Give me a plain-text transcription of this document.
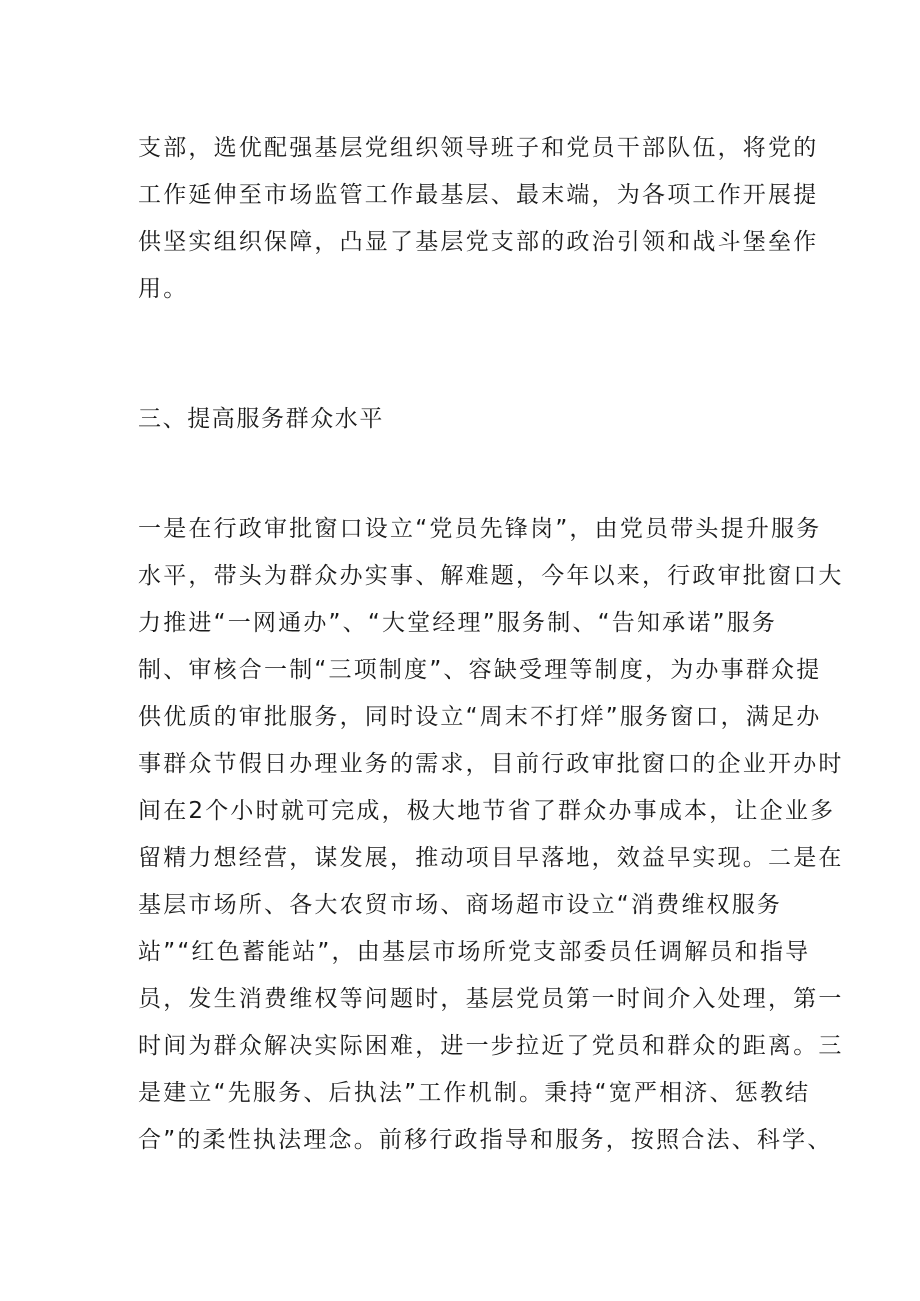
支部，选优配强基层党组织领导班子和党员干部队伍，将党的
工作延伸至市场监管工作最基层、最末端，为各项工作开展提
供坚实组织保障，凸显了基层党支部的政治引领和战斗堡垒作
用。
三、提高服务群众水平
一是在行政审批窗口设立“党员先锋岗”，由党员带头提升服务
水平，带头为群众办实事、解难题，今年以来，行政审批窗口大
力推进“一网通办”、“大堂经理”服务制、“告知承诺”服务
制、审核合一制“三项制度”、容缺受理等制度，为办事群众提
供优质的审批服务，同时设立“周末不打烊”服务窗口，满足办
事群众节假日办理业务的需求，目前行政审批窗口的企业开办时
间在2个小时就可完成，极大地节省了群众办事成本，让企业多
留精力想经营，谋发展，推动项目早落地，效益早实现。二是在
基层市场所、各大农贸市场、商场超市设立“消费维权服务
站”“红色蓄能站”，由基层市场所党支部委员任调解员和指导
员，发生消费维权等问题时，基层党员第一时间介入处理，第一
时间为群众解决实际困难，进一步拉近了党员和群众的距离。三
是建立“先服务、后执法”工作机制。秉持“宽严相济、惩教结
合”的柔性执法理念。前移行政指导和服务，按照合法、科学、
